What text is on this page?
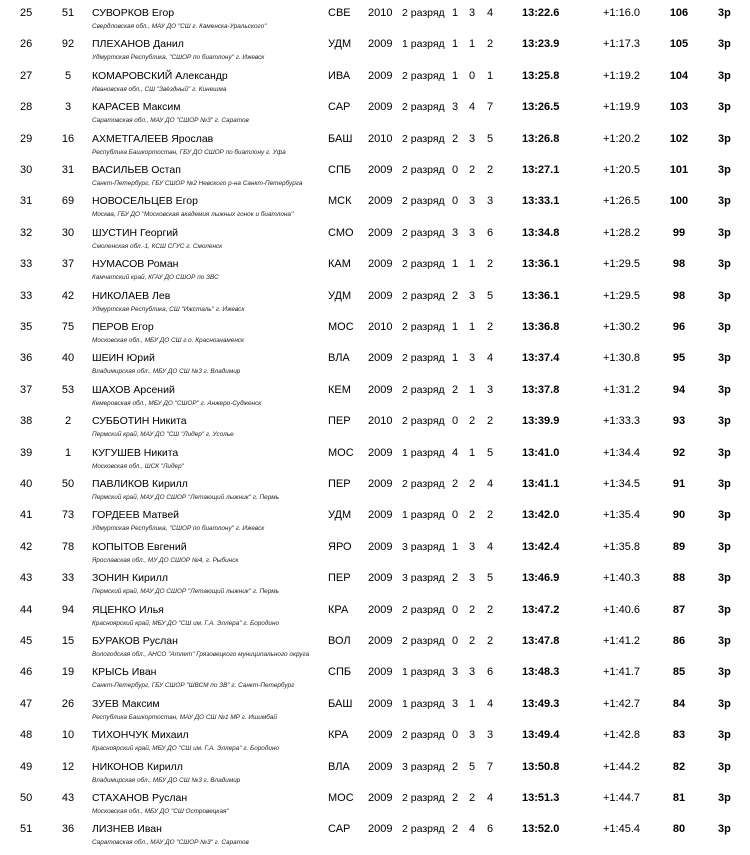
25	51	СУВОРКОВ Егор
Свердловская обл., МАУ ДО "СШ г. Каменска-Уральского"
СВЕ 2010 2 разряд 1 3 4	13:22.6	+1:16.0	106	3р
26	92	ПЛЕХАНОВ Данил
Удмуртская Республика, "СШОР по биатлону" г. Ижевск
УДМ 2009 1 разряд 1 1 2	13:23.9	+1:17.3	105	3р
27	5	КОМАРОВСКИЙ Александр
Ивановская обл., СШ "Звёздный" г. Кинешма
ИВА 2009 2 разряд 1 0 1	13:25.8	+1:19.2	104	3р
28	3	КАРАСЕВ Максим
Саратовская обл., МАУ ДО "СШОР №3" г. Саратов
САР 2009 2 разряд 3 4 7	13:26.5	+1:19.9	103	3р
29	16	АХМЕТГАЛЕЕВ Ярослав
Республика Башкортостан, ГБУ ДО СШОР по биатлону г. Уфа
БАШ 2010 2 разряд 2 3 5	13:26.8	+1:20.2	102	3р
30	31	ВАСИЛЬЕВ Остап
Санкт-Петербург, ГБУ СШОР №2 Невского р-на Санкт-Петербурга
СПБ 2009 2 разряд 0 2 2	13:27.1	+1:20.5	101	3р
31	69	НОВОСЕЛЬЦЕВ Егор
Москва, ГБУ ДО "Московская академия лыжных гонок и биатлона"
МСК 2009 2 разряд 0 3 3	13:33.1	+1:26.5	100	3р
32	30	ШУСТИН Георгий
Смоленская обл.-1, КСШ СГУС г. Смоленск
СМО 2009 2 разряд 3 3 6	13:34.8	+1:28.2	99	3р
33	37	НУМАСОВ Роман
Камчатский край, КГАУ ДО СШОР по ЗВС
КАМ 2009 2 разряд 1 1 2	13:36.1	+1:29.5	98	3р
33	42	НИКОЛАЕВ Лев
Удмуртская Республика, СШ "Ижсталь" г. Ижевск
УДМ 2009 2 разряд 2 3 5	13:36.1	+1:29.5	98	3р
35	75	ПЕРОВ Егор
Московская обл., МБУ ДО СШ г.о. Краснознаменск
МОС 2010 2 разряд 1 1 2	13:36.8	+1:30.2	96	3р
36	40	ШЕИН Юрий
Владимирская обл., МБУ ДО СШ №3 г. Владимир
ВЛА 2009 2 разряд 1 3 4	13:37.4	+1:30.8	95	3р
37	53	ШАХОВ Арсений
Кемеровская обл., МБУ ДО "СШОР" г. Анжеро-Судженск
КЕМ 2009 2 разряд 2 1 3	13:37.8	+1:31.2	94	3р
38	2	СУББОТИН Никита
Пермский край, МАУ ДО "СШ "Лидер" г. Усолье
ПЕР 2010 2 разряд 0 2 2	13:39.9	+1:33.3	93	3р
39	1	КУГУШЕВ Никита
Московская обл., ШСК "Лидер"
МОС 2009 1 разряд 4 1 5	13:41.0	+1:34.4	92	3р
40	50	ПАВЛИКОВ Кирилл
Пермский край, МАУ ДО СШОР "Летающий лыжник" г. Пермь
ПЕР 2009 2 разряд 2 2 4	13:41.1	+1:34.5	91	3р
41	73	ГОРДЕЕВ Матвей
Удмуртская Республика, "СШОР по биатлону" г. Ижевск
УДМ 2009 1 разряд 0 2 2	13:42.0	+1:35.4	90	3р
42	78	КОПЫТОВ Евгений
Ярославская обл., МУ ДО СШОР №4, г. Рыбинск
ЯРО 2009 3 разряд 1 3 4	13:42.4	+1:35.8	89	3р
43	33	ЗОНИН Кирилл
Пермский край, МАУ ДО СШОР "Летающий лыжник" г. Пермь
ПЕР 2009 3 разряд 2 3 5	13:46.9	+1:40.3	88	3р
44	94	ЯЦЕНКО Илья
Красноярский край, МБУ ДО "СШ им. Г.А. Эллера" г. Бородино
КРА 2009 2 разряд 0 2 2	13:47.2	+1:40.6	87	3р
45	15	БУРАКОВ Руслан
Вологодская обл., АНСО "Атлет" Грязовецкого муниципального округа
ВОЛ 2009 2 разряд 0 2 2	13:47.8	+1:41.2	86	3р
46	19	КРЫСЬ Иван
Санкт-Петербург, ГБУ СШОР "ШВСМ по ЗВ" г. Санкт-Петербург
СПБ 2009 1 разряд 3 3 6	13:48.3	+1:41.7	85	3р
47	26	ЗУЕВ Максим
Республика Башкортостан, МАУ ДО СШ №1 МР г. Ишимбай
БАШ 2009 1 разряд 3 1 4	13:49.3	+1:42.7	84	3р
48	10	ТИХОНЧУК Михаил
Красноярский край, МБУ ДО "СШ им. Г.А. Эллера" г. Бородино
КРА 2009 2 разряд 0 3 3	13:49.4	+1:42.8	83	3р
49	12	НИКОНОВ Кирилл
Владимирская обл., МБУ ДО СШ №3 г. Владимир
ВЛА 2009 3 разряд 2 5 7	13:50.8	+1:44.2	82	3р
50	43	СТАХАНОВ Руслан
Московская обл., МБУ ДО "СШ Островецкая"
МОС 2009 2 разряд 2 2 4	13:51.3	+1:44.7	81	3р
51	36	ЛИЗНЕВ Иван
Саратовская обл., МАУ ДО "СШОР №3" г. Саратов
САР 2009 2 разряд 2 4 6	13:52.0	+1:45.4	80	3р
